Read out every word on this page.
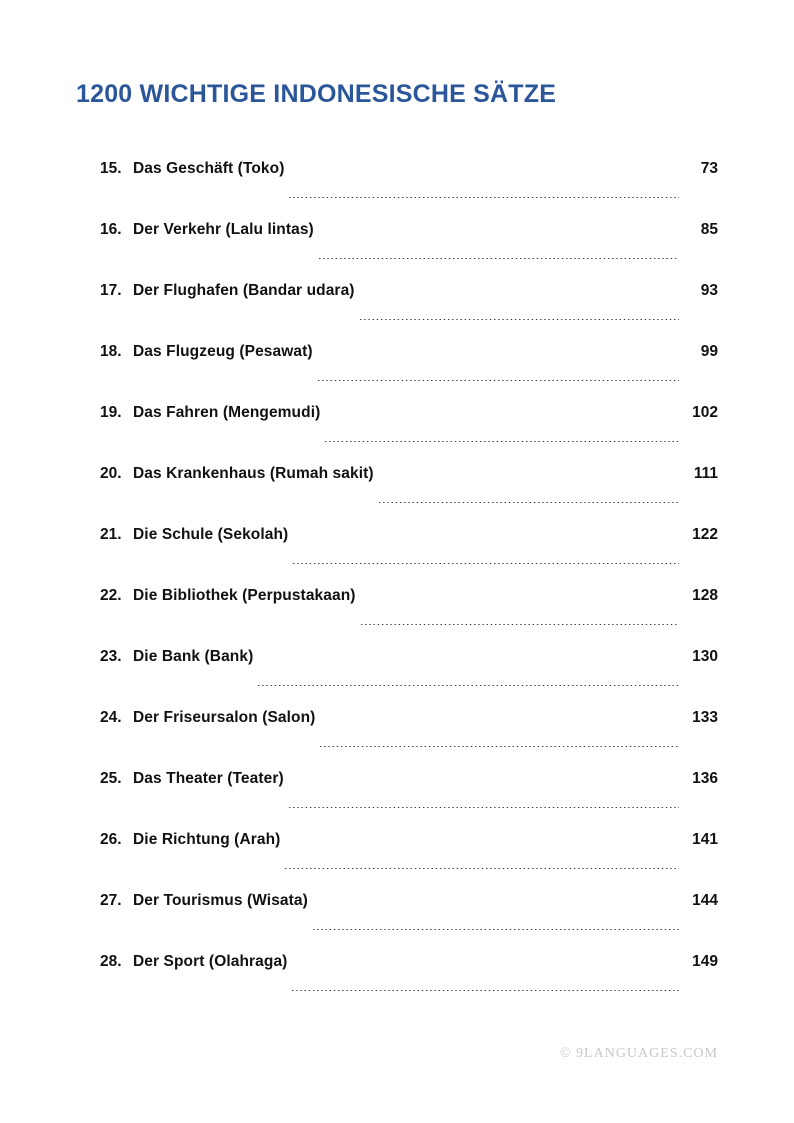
1200 WICHTIGE INDONESISCHE SÄTZE
15. Das Geschäft (Toko)	73
16. Der Verkehr (Lalu lintas)	85
17. Der Flughafen (Bandar udara)	93
18. Das Flugzeug (Pesawat)	99
19. Das Fahren (Mengemudi)	102
20. Das Krankenhaus (Rumah sakit)	111
21. Die Schule (Sekolah)	122
22. Die Bibliothek (Perpustakaan)	128
23. Die Bank (Bank)	130
24. Der Friseursalon (Salon)	133
25. Das Theater (Teater)	136
26. Die Richtung (Arah)	141
27. Der Tourismus (Wisata)	144
28. Der Sport (Olahraga)	149
© 9LANGUAGES.COM
